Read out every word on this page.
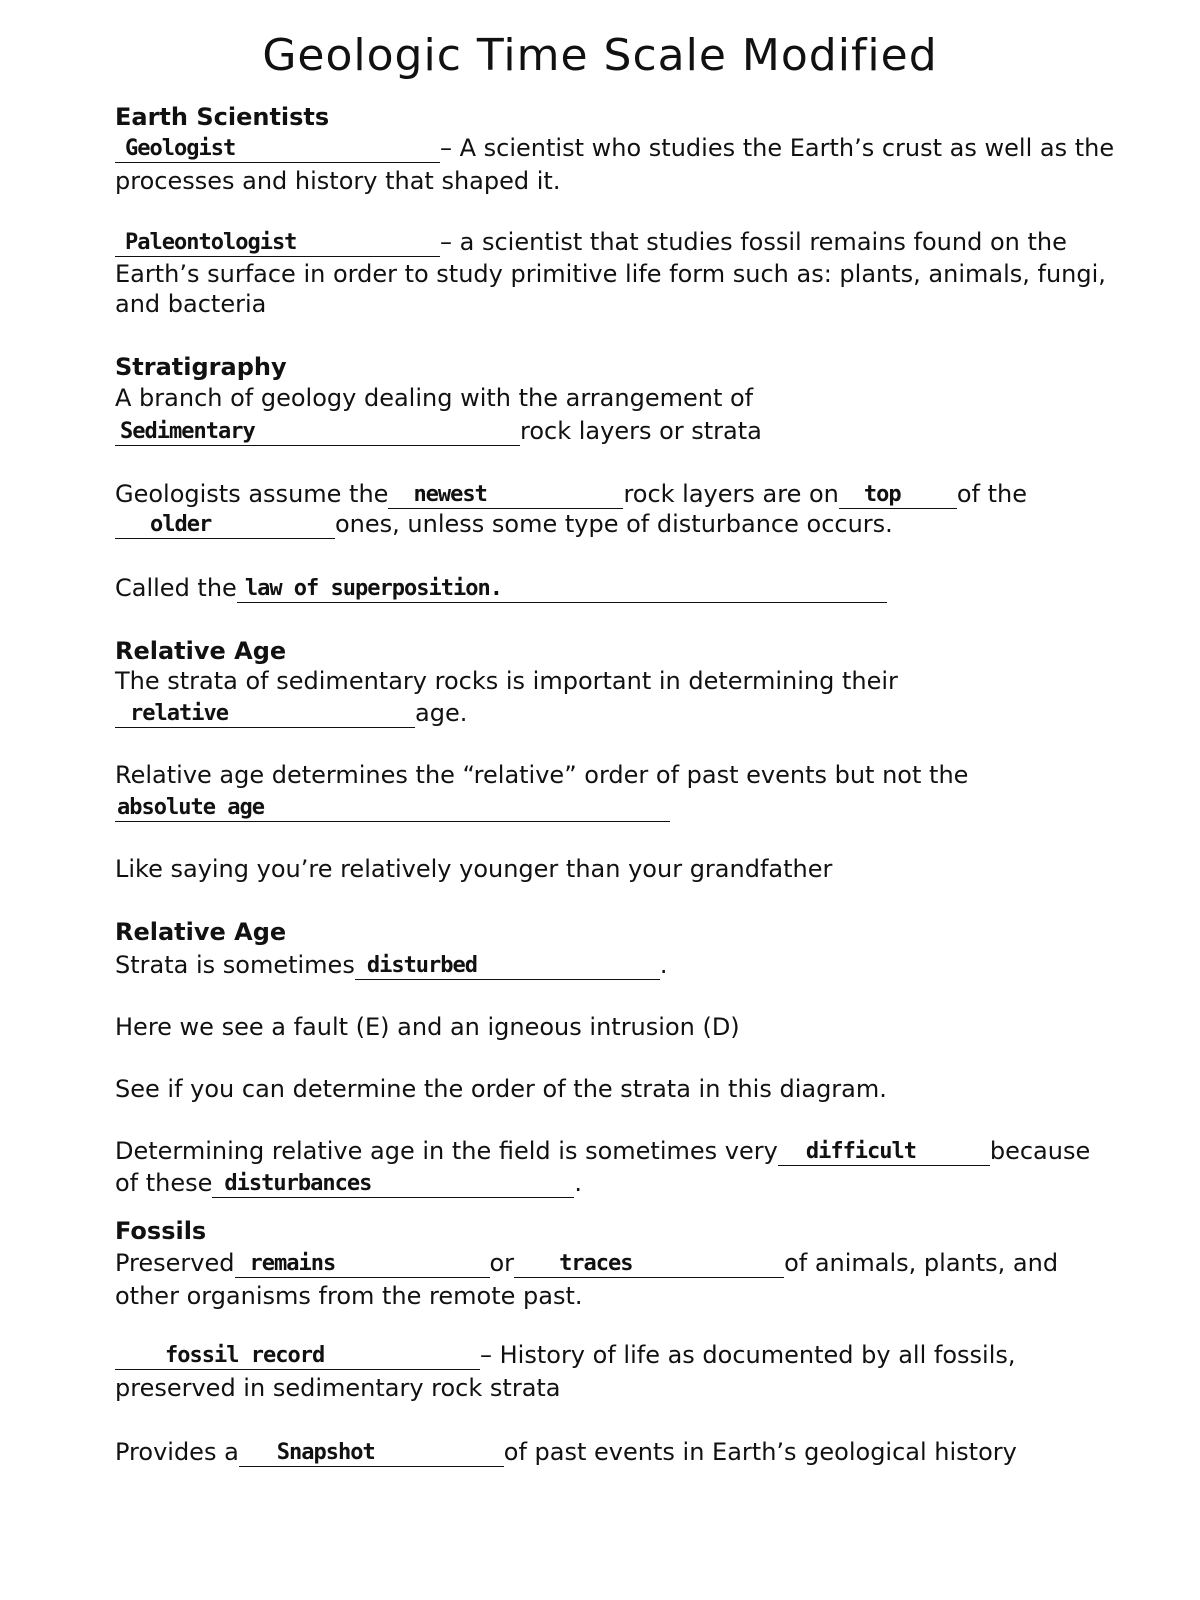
Geologic Time Scale Modified
Earth Scientists
Geologist	– A scientist who studies the Earth’s crust as well as the
processes and history that shaped it.
Paleontologist	– a scientist that studies fossil remains found on the
Earth’s surface in order to study primitive life form such as: plants, animals, fungi,
and bacteria
Stratigraphy
A branch of geology dealing with the arrangement of
Sedimentary	rock layers or strata
Geologists assume the newest	rock layers are on top of the
older	ones, unless some type of disturbance occurs.
Called the law of superposition.
Relative Age
The strata of sedimentary rocks is important in determining their
relative	age.
Relative age determines the “relative” order of past events but not the
absolute age
Like saying you’re relatively younger than your grandfather
Relative Age
Strata is sometimes disturbed	.
Here we see a fault (E) and an igneous intrusion (D)
See if you can determine the order of the strata in this diagram.
Determining relative age in the field is sometimes very difficult	because
of these disturbances	.
Fossils
Preserved remains	or traces	of animals, plants, and
other organisms from the remote past.
fossil record	– History of life as documented by all fossils,
preserved in sedimentary rock strata
Provides a Snapshot	of past events in Earth’s geological history
